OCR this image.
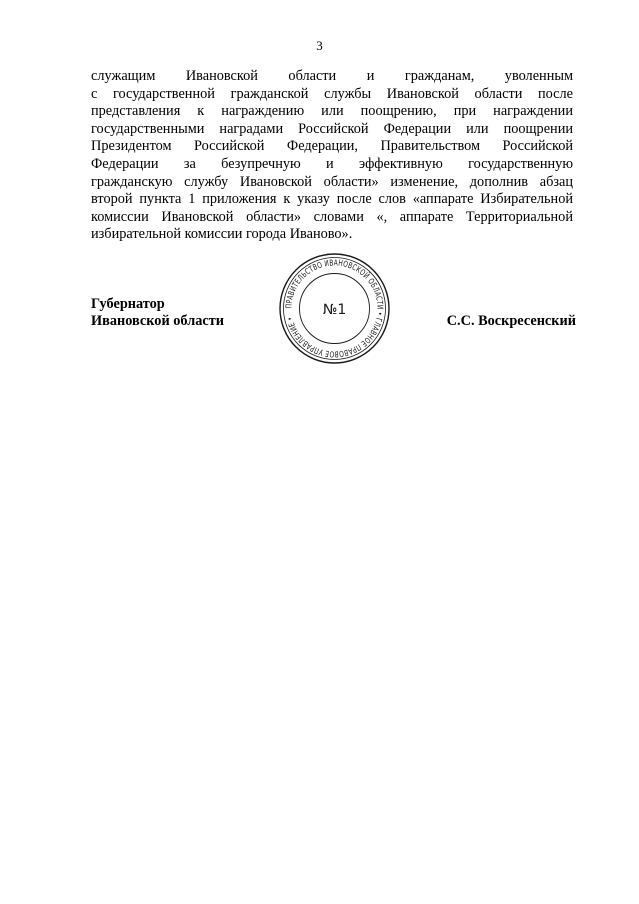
3
служащим Ивановской области и гражданам, уволенным
с государственной гражданской службы Ивановской области после
представления к награждению или поощрению, при награждении
государственными наградами Российской Федерации или поощрении
Президентом Российской Федерации, Правительством Российской
Федерации за безупречную и эффективную государственную
гражданскую службу Ивановской области» изменение, дополнив абзац
второй пункта 1 приложения к указу после слов «аппарате Избирательной
комиссии Ивановской области» словами «, аппарате Территориальной
избирательной комиссии города Иваново».
Губернатор
Ивановской области	С.С. Воскресенский
ПРАВИТЕЛЬСТВО ИВАНОВСКОЙ ОБЛАСТИ • ГЛАВНОЕ ПРАВОВОЕ УПРАВЛЕНИЕ •
№1
